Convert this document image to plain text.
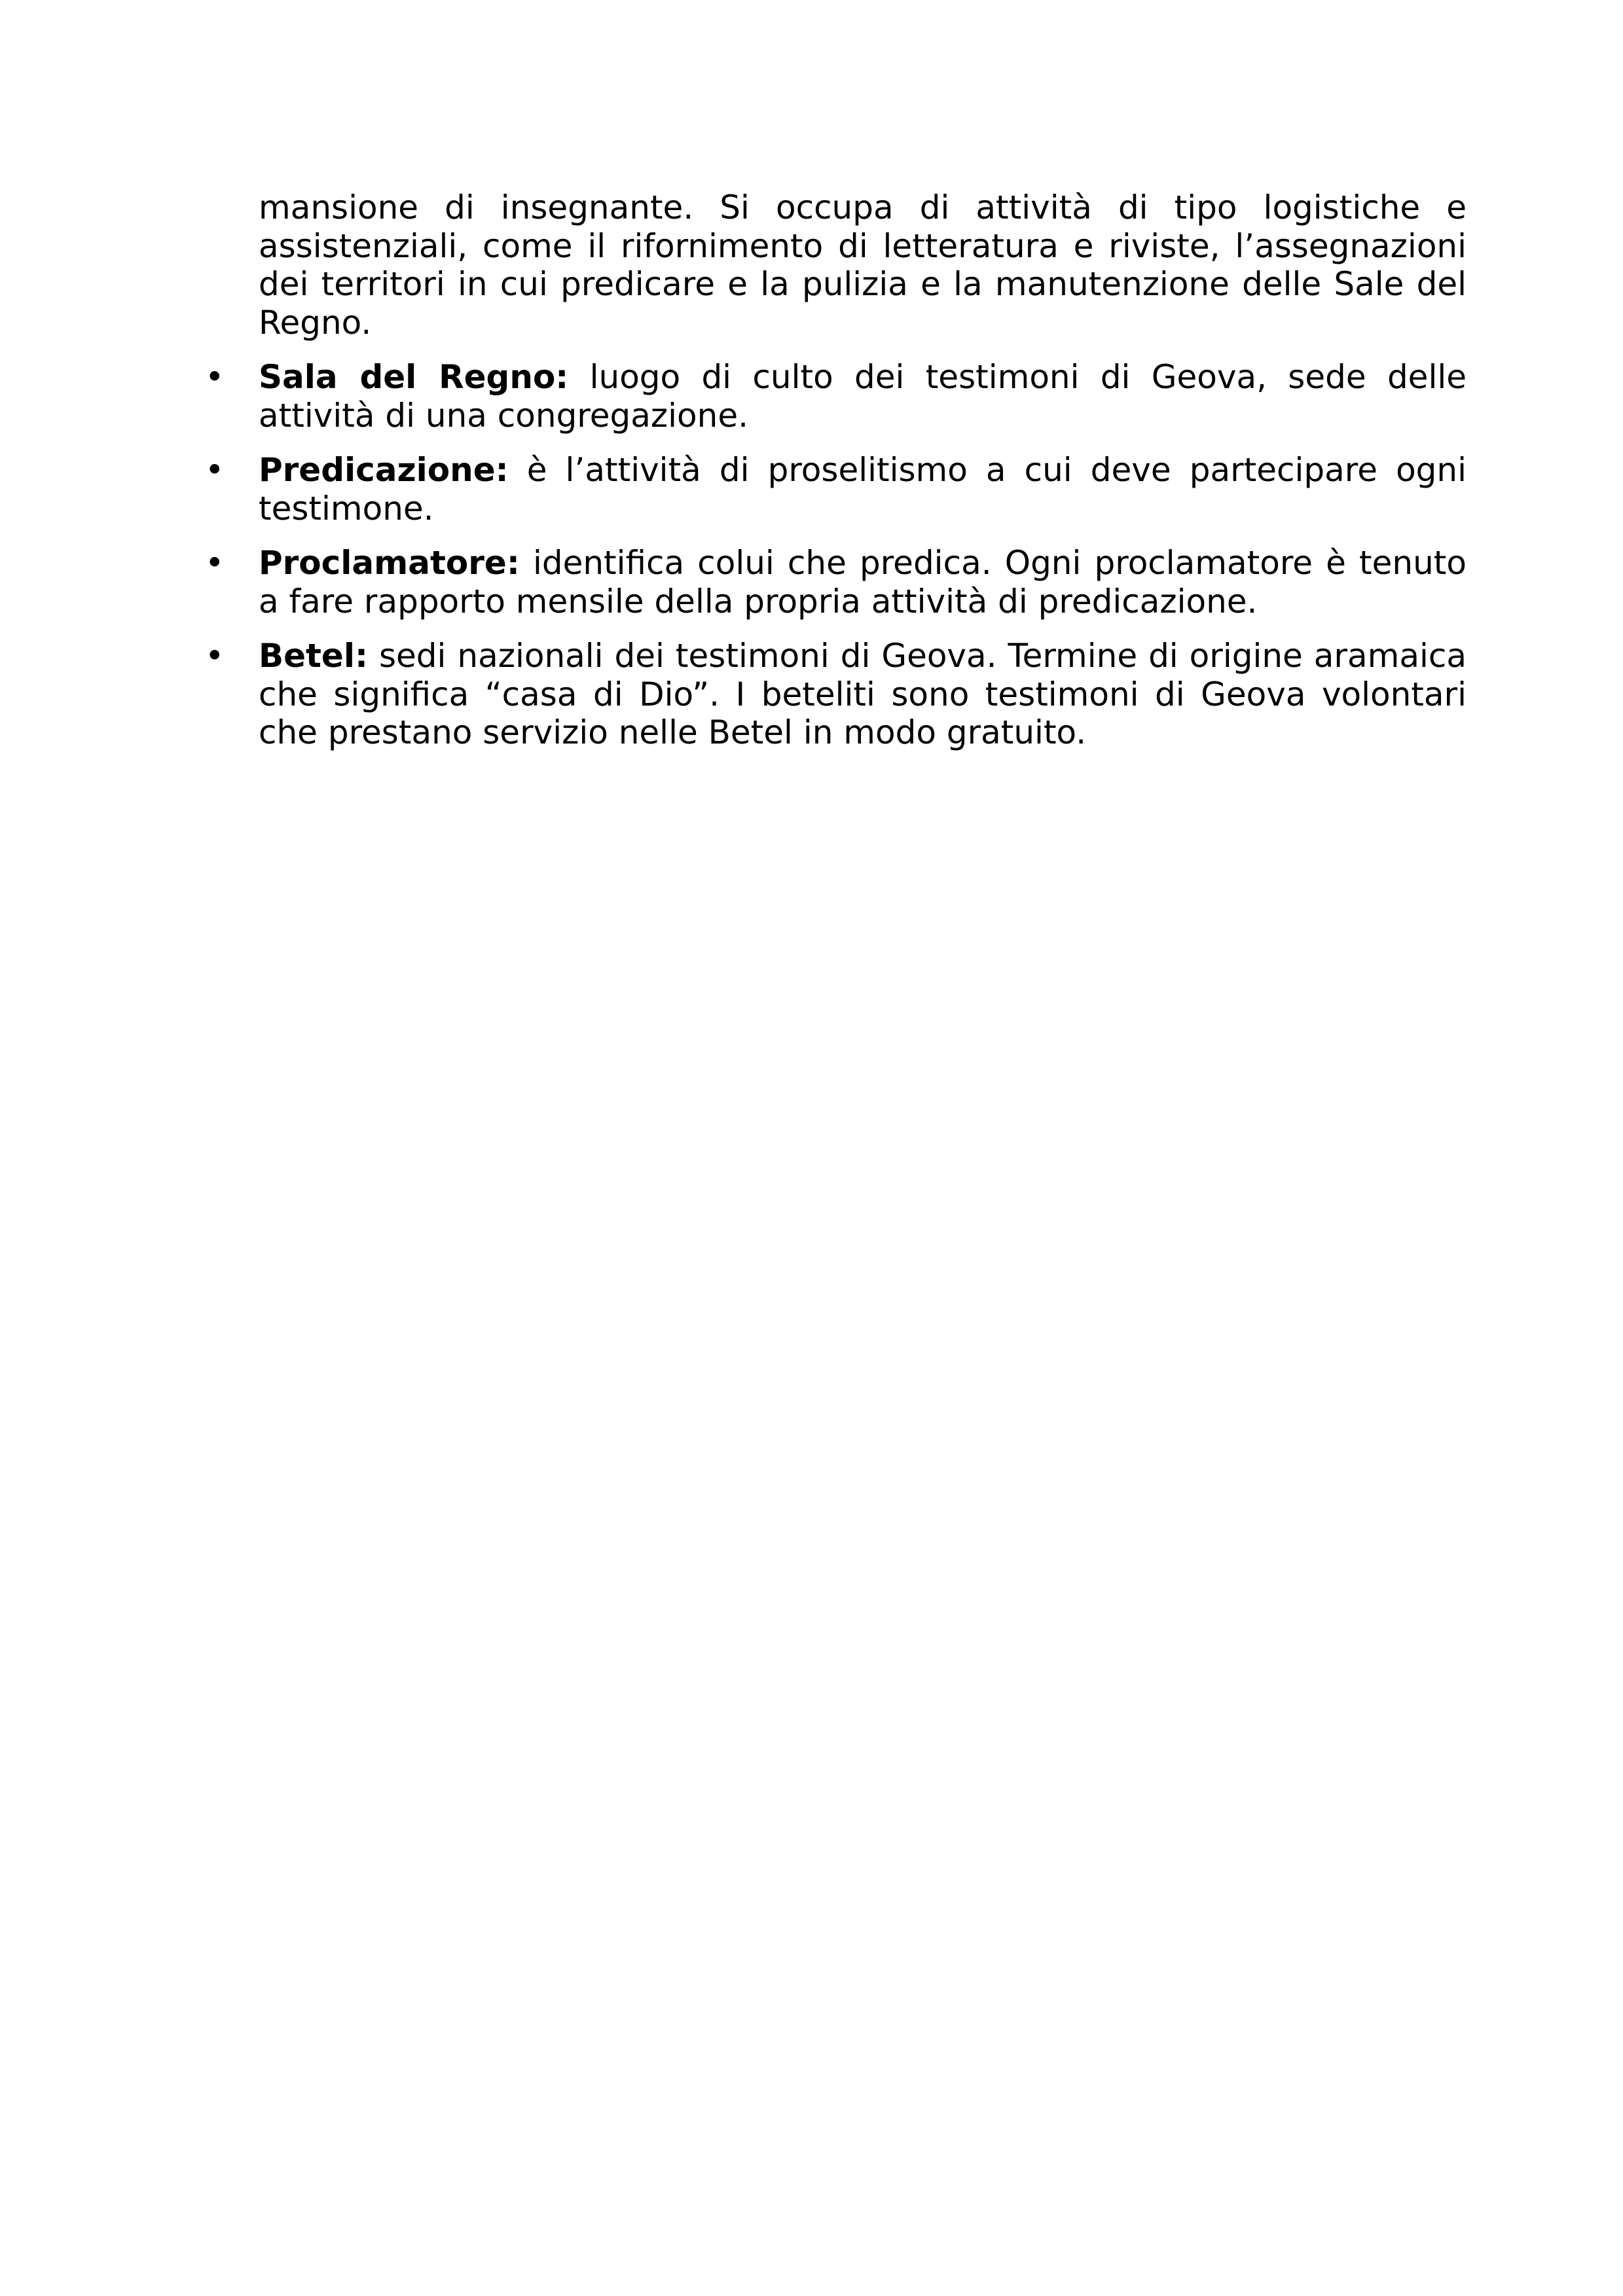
mansione di insegnante. Si occupa di attività di tipo logistiche e assistenziali, come il rifornimento di letteratura e riviste, l’assegnazioni dei territori in cui predicare e la pulizia e la manutenzione delle Sale del Regno.

• Sala del Regno: luogo di culto dei testimoni di Geova, sede delle attività di una congregazione.
• Predicazione: è l’attività di proselitismo a cui deve partecipare ogni testimone.
• Proclamatore: identifica colui che predica. Ogni proclamatore è tenuto a fare rapporto mensile della propria attività di predicazione.
• Betel: sedi nazionali dei testimoni di Geova. Termine di origine aramaica che significa “casa di Dio”. I beteliti sono testimoni di Geova volontari che prestano servizio nelle Betel in modo gratuito.
